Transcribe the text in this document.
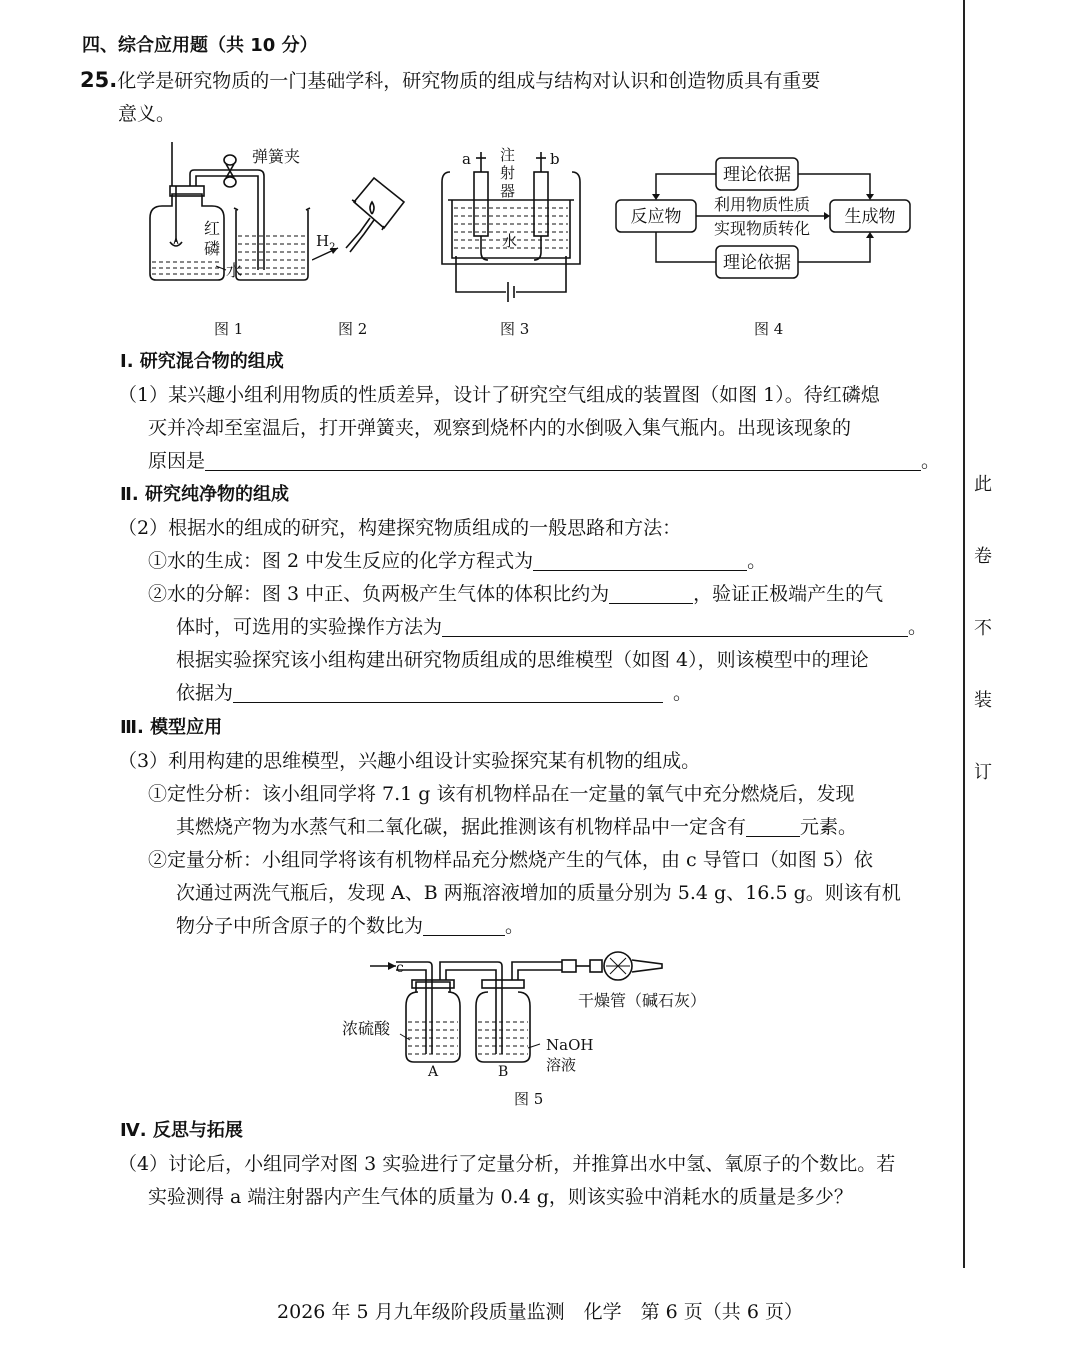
四、综合应用题（共 10 分）
25.化学是研究物质的一门基础学科，研究物质的组成与结构对认识和创造物质具有重要
意义。
弹簧夹
红
磷
水
图 1
$H_2$
图 2
a	b
注
射
器
水
图 3
理论依据
理论依据
反应物	生成物
利用物质性质
实现物质转化
图 4
Ⅰ. 研究混合物的组成
（1）某兴趣小组利用物质的性质差异，设计了研究空气组成的装置图（如图 1）。待红磷熄
灭并冷却至室温后，打开弹簧夹，观察到烧杯内的水倒吸入集气瓶内。出现该现象的
原因是	。
Ⅱ. 研究纯净物的组成
（2）根据水的组成的研究，构建探究物质组成的一般思路和方法：
①水的生成：图 2 中发生反应的化学方程式为	。
②水的分解：图 3 中正、负两极产生气体的体积比约为	，验证正极端产生的气
体时，可选用的实验操作方法为	。
根据实验探究该小组构建出研究物质组成的思维模型（如图 4），则该模型中的理论
依据为	。
Ⅲ. 模型应用
（3）利用构建的思维模型，兴趣小组设计实验探究某有机物的组成。
①定性分析：该小组同学将 7.1 g 该有机物样品在一定量的氧气中充分燃烧后，发现
其燃烧产物为水蒸气和二氧化碳，据此推测该有机物样品中一定含有	元素。
②定量分析：小组同学将该有机物样品充分燃烧产生的气体，由 c 导管口（如图 5）依
次通过两洗气瓶后，发现 A、B 两瓶溶液增加的质量分别为 5.4 g、16.5 g。则该有机
物分子中所含原子的个数比为	。
c
干燥管（碱石灰）
浓硫酸
NaOH
溶液
A	B
图 5
Ⅳ. 反思与拓展
（4）讨论后，小组同学对图 3 实验进行了定量分析，并推算出水中氢、氧原子的个数比。若
实验测得 a 端注射器内产生气体的质量为 0.4 g，则该实验中消耗水的质量是多少？
此
卷
不
装
订
2026 年 5 月九年级阶段质量监测　化学　第 6 页（共 6 页）
